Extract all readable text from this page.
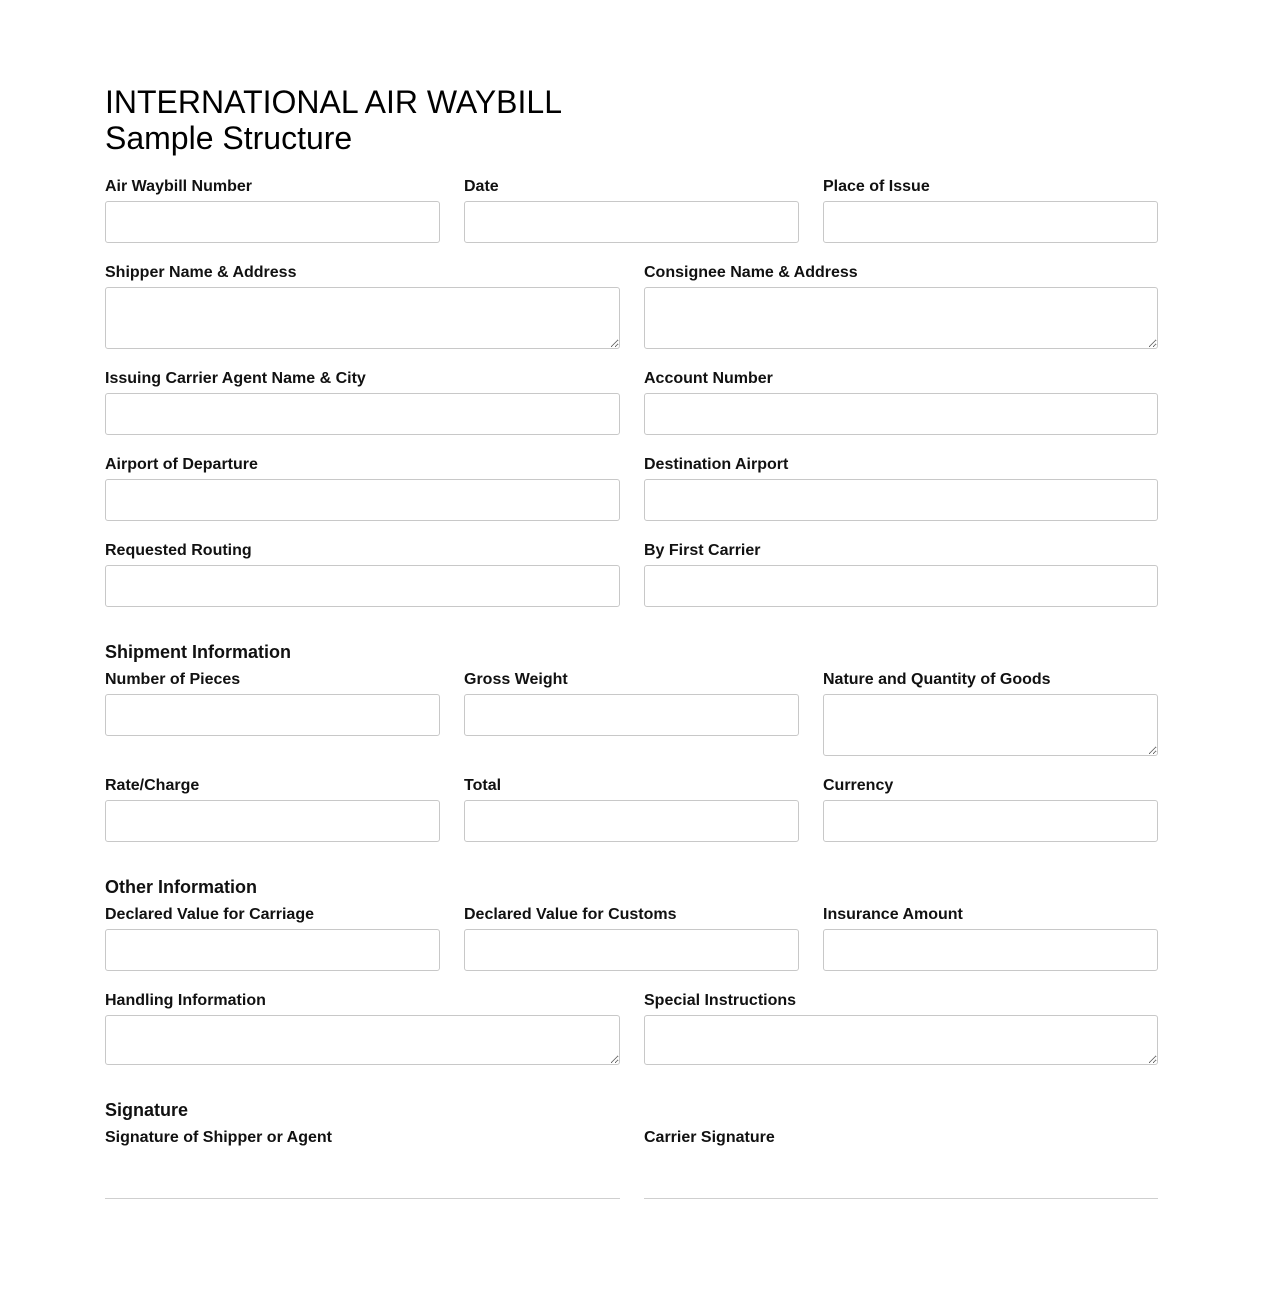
INTERNATIONAL AIR WAYBILL
Sample Structure
Air Waybill Number	Date	Place of Issue
Shipper Name & Address	Consignee Name & Address
Issuing Carrier Agent Name & City	Account Number
Airport of Departure	Destination Airport
Requested Routing	By First Carrier
Shipment Information
Number of Pieces	Gross Weight	Nature and Quantity of Goods
Rate/Charge	Total	Currency
Other Information
Declared Value for Carriage	Declared Value for Customs	Insurance Amount
Handling Information	Special Instructions
Signature
Signature of Shipper or Agent	Carrier Signature
